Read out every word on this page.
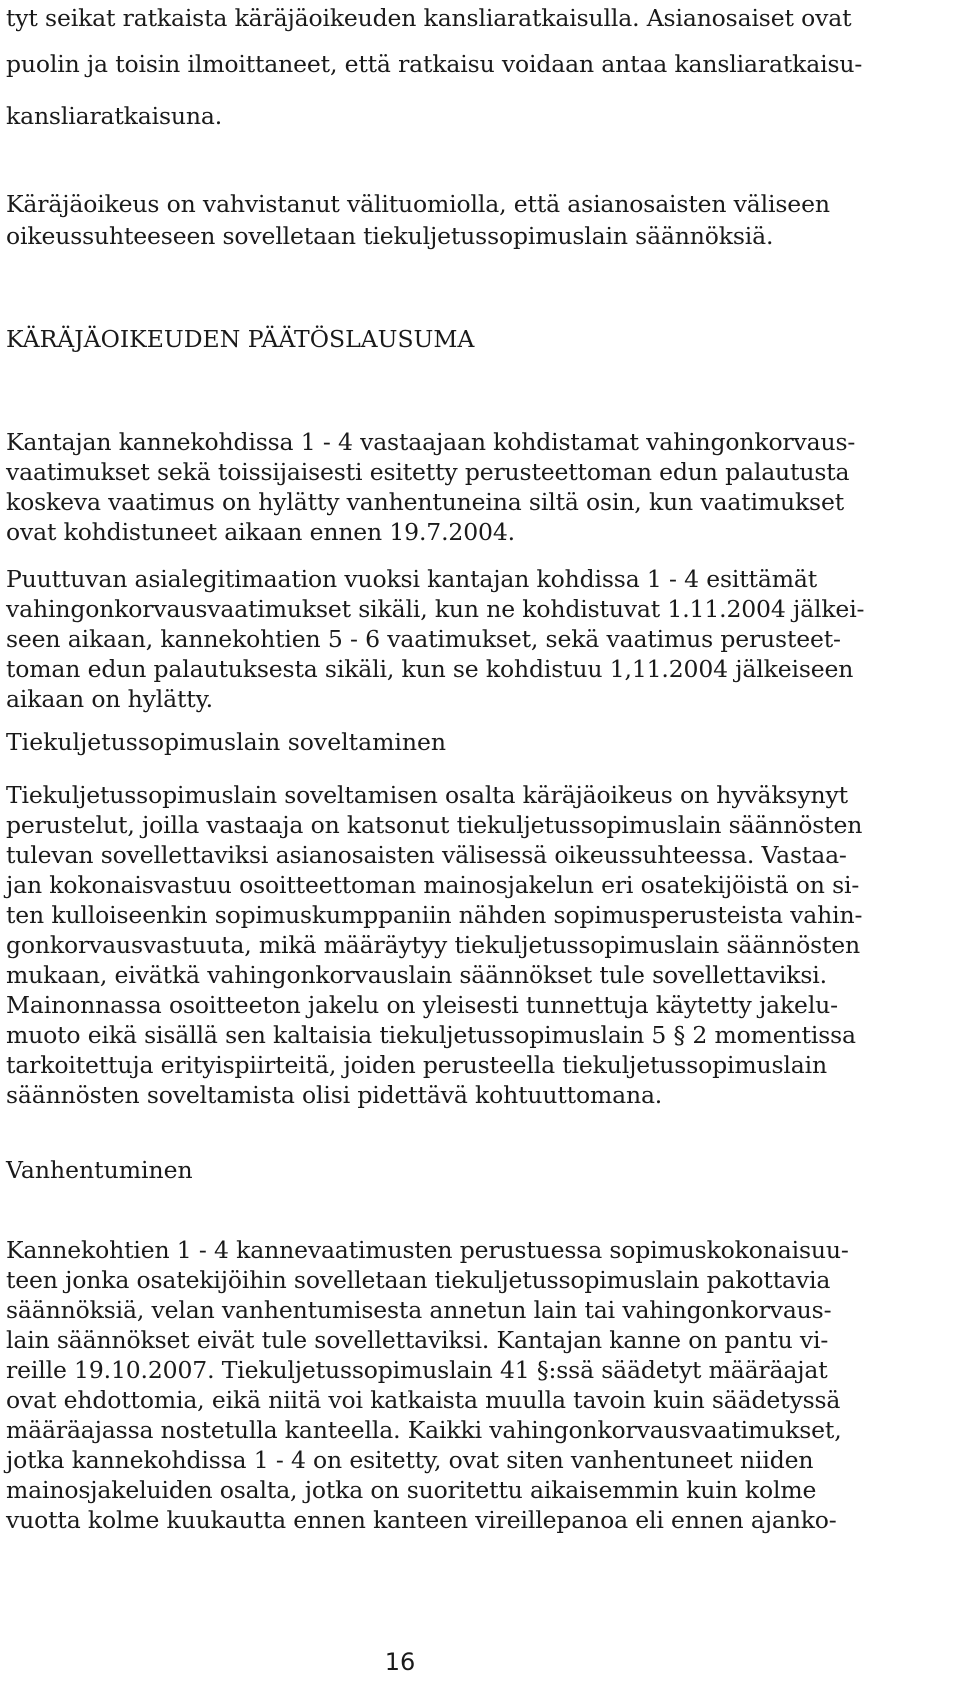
tyt seikat ratkaista käräjäoikeuden kansliaratkaisulla. Asianosaiset ovat

puolin ja toisin ilmoittaneet, että ratkaisu voidaan antaa kansliaratkaisu-

kansliaratkaisuna.

Käräjäoikeus on vahvistanut välituomiolla, että asianosaisten väliseen

oikeussuhteeseen sovelletaan tiekuljetussopimuslain säännöksiä.

KÄRÄJÄOIKEUDEN PÄÄTÖSLAUSUMA

Kantajan kannekohdissa 1 - 4 vastaajaan kohdistamat vahingonkorvaus-

vaatimukset sekä toissijaisesti esitetty perusteettoman edun palautusta

koskeva vaatimus on hylätty vanhentuneina siltä osin, kun vaatimukset

ovat kohdistuneet aikaan ennen 19.7.2004.

Puuttuvan asialegitimaation vuoksi kantajan kohdissa 1 - 4 esittämät

vahingonkorvausvaatimukset sikäli, kun ne kohdistuvat 1.11.2004 jälkei-

seen aikaan, kannekohtien 5 - 6 vaatimukset, sekä vaatimus perusteet-

toman edun palautuksesta sikäli, kun se kohdistuu 1,11.2004 jälkeiseen

aikaan on hylätty.

Tiekuljetussopimuslain soveltaminen

Tiekuljetussopimuslain soveltamisen osalta käräjäoikeus on hyväksynyt

perustelut, joilla vastaaja on katsonut tiekuljetussopimuslain säännösten

tulevan sovellettaviksi asianosaisten välisessä oikeussuhteessa. Vastaa-

jan kokonaisvastuu osoitteettoman mainosjakelun eri osatekijöistä on si-

ten kulloiseenkin sopimuskumppaniin nähden sopimusperusteista vahin-

gonkorvausvastuuta, mikä määräytyy tiekuljetussopimuslain säännösten

mukaan, eivätkä vahingonkorvauslain säännökset tule sovellettaviksi.

Mainonnassa osoitteeton jakelu on yleisesti tunnettuja käytetty jakelu-

muoto eikä sisällä sen kaltaisia tiekuljetussopimuslain 5 § 2 momentissa

tarkoitettuja erityispiirteitä, joiden perusteella tiekuljetussopimuslain

säännösten soveltamista olisi pidettävä kohtuuttomana.

Vanhentuminen

Kannekohtien 1 - 4 kannevaatimusten perustuessa sopimuskokonaisuu-

teen jonka osatekijöihin sovelletaan tiekuljetussopimuslain pakottavia

säännöksiä, velan vanhentumisesta annetun lain tai vahingonkorvaus-

lain säännökset eivät tule sovellettaviksi. Kantajan kanne on pantu vi-

reille 19.10.2007. Tiekuljetussopimuslain 41 §:ssä säädetyt määräajat

ovat ehdottomia, eikä niitä voi katkaista muulla tavoin kuin säädetyssä

määräajassa nostetulla kanteella. Kaikki vahingonkorvausvaatimukset,

jotka kannekohdissa 1 - 4 on esitetty, ovat siten vanhentuneet niiden

mainosjakeluiden osalta, jotka on suoritettu aikaisemmin kuin kolme

vuotta kolme kuukautta ennen kanteen vireillepanoa eli ennen ajanko-

16
